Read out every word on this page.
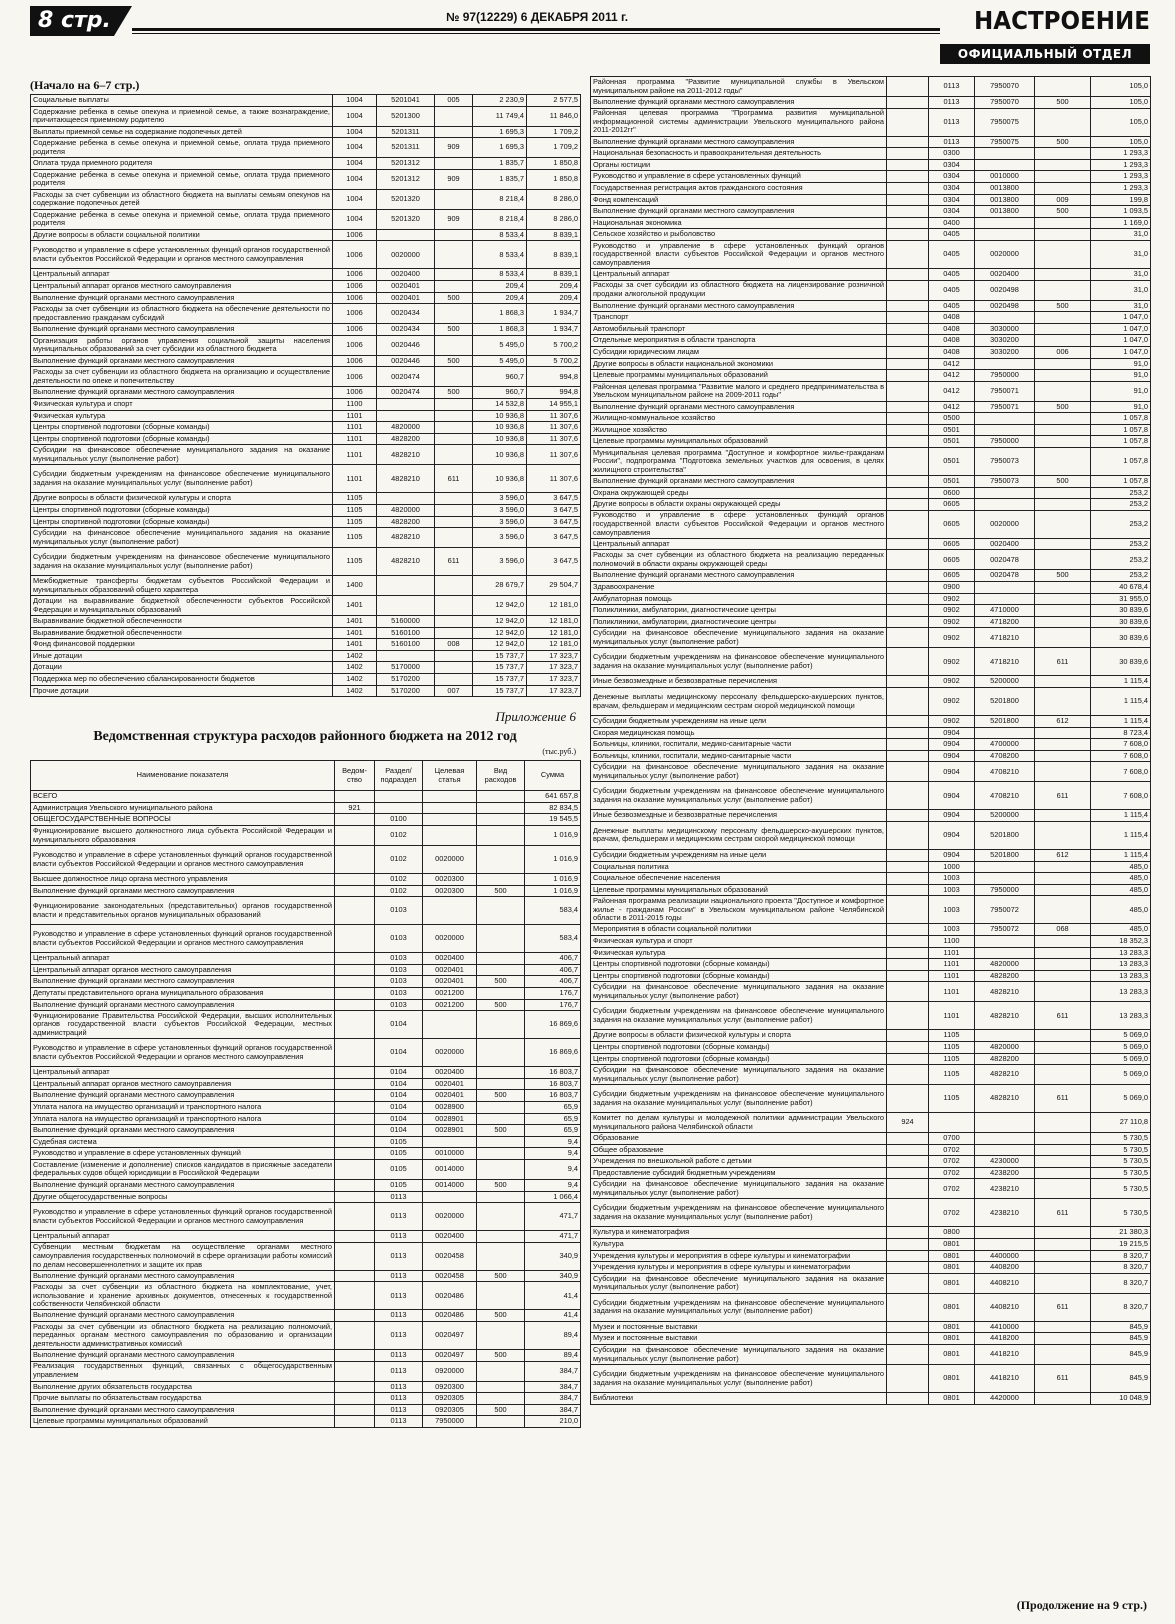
8 стр.	№ 97(12229) 6 ДЕКАБРЯ 2011 г.	НАСТРОЕНИЕ
ОФИЦИАЛЬНЫЙ ОТДЕЛ
(Начало на 6–7 стр.)
Социальные выплаты	1004	5201041	005	2 230,9	2 577,5
Содержание ребенка в семье опекуна и приемной семье, а также вознаграждение, причитающееся приемному родителю	1004	5201300		11 749,4	11 846,0
Выплаты приемной семье на содержание подопечных детей	1004	5201311		1 695,3	1 709,2
Содержание ребенка в семье опекуна и приемной семье, оплата труда приемного родителя	1004	5201311	909	1 695,3	1 709,2
Оплата труда приемного родителя	1004	5201312		1 835,7	1 850,8
Содержание ребенка в семье опекуна и приемной семье, оплата труда приемного родителя	1004	5201312	909	1 835,7	1 850,8
Расходы за счет субвенции из областного бюджета на выплаты семьям опекунов на содержание подопечных детей	1004	5201320		8 218,4	8 286,0
Содержание ребенка в семье опекуна и приемной семье, оплата труда приемного родителя	1004	5201320	909	8 218,4	8 286,0
Другие вопросы в области социальной политики	1006			8 533,4	8 839,1
Руководство и управление в сфере установленных функций органов государственной власти субъектов Российской Федерации и органов местного самоуправления	1006	0020000		8 533,4	8 839,1
Центральный аппарат	1006	0020400		8 533,4	8 839,1
Центральный аппарат органов местного самоуправления	1006	0020401		209,4	209,4
Выполнение функций органами местного самоуправления	1006	0020401	500	209,4	209,4
Расходы за счет субвенции из областного бюджета на обеспечение деятельности по предоставлению гражданам субсидий	1006	0020434		1 868,3	1 934,7
Выполнение функций органами местного самоуправления	1006	0020434	500	1 868,3	1 934,7
Организация работы органов управления социальной защиты населения муниципальных образований за счет субсидии из областного бюджета	1006	0020446		5 495,0	5 700,2
Выполнение функций органами местного самоуправления	1006	0020446	500	5 495,0	5 700,2
Расходы за счет субвенции из областного бюджета на организацию и осуществление деятельности по опеке и попечительству	1006	0020474		960,7	994,8
Выполнение функций органами местного самоуправления	1006	0020474	500	960,7	994,8
Физическая культура и спорт	1100			14 532,8	14 955,1
Физическая культура	1101			10 936,8	11 307,6
Центры спортивной подготовки (сборные команды)	1101	4820000		10 936,8	11 307,6
Центры спортивной подготовки (сборные команды)	1101	4828200		10 936,8	11 307,6
Субсидии на финансовое обеспечение муниципального задания на оказание муниципальных услуг (выполнение работ)	1101	4828210		10 936,8	11 307,6
Субсидии бюджетным учреждениям на финансовое обеспечение муниципального задания на оказание муниципальных услуг (выполнение работ)	1101	4828210	611	10 936,8	11 307,6
Другие вопросы в области физической культуры и спорта	1105			3 596,0	3 647,5
Центры спортивной подготовки (сборные команды)	1105	4820000		3 596,0	3 647,5
Центры спортивной подготовки (сборные команды)	1105	4828200		3 596,0	3 647,5
Субсидии на финансовое обеспечение муниципального задания на оказание муниципальных услуг (выполнение работ)	1105	4828210		3 596,0	3 647,5
Субсидии бюджетным учреждениям на финансовое обеспечение муниципального задания на оказание муниципальных услуг (выполнение работ)	1105	4828210	611	3 596,0	3 647,5
Межбюджетные трансферты бюджетам субъектов Российской Федерации и муниципальных образований общего характера	1400			28 679,7	29 504,7
Дотации на выравнивание бюджетной обеспеченности субъектов Российской Федерации и муниципальных образований	1401			12 942,0	12 181,0
Выравнивание бюджетной обеспеченности	1401	5160000		12 942,0	12 181,0
Выравнивание бюджетной обеспеченности	1401	5160100		12 942,0	12 181,0
Фонд финансовой поддержки	1401	5160100	008	12 942,0	12 181,0
Иные дотации	1402			15 737,7	17 323,7
Дотации	1402	5170000		15 737,7	17 323,7
Поддержка мер по обеспечению сбалансированности бюджетов	1402	5170200		15 737,7	17 323,7
Прочие дотации	1402	5170200	007	15 737,7	17 323,7
Приложение 6
Ведомственная структура расходов районного бюджета на 2012 год
(тыс.руб.)
Наименование показателя	Ведом-ство	Раздел/ подраздел	Целевая статья	Вид расходов	Сумма
ВСЕГО					641 657,8
Администрация Увельского муниципального района	921				82 834,5
ОБЩЕГОСУДАРСТВЕННЫЕ ВОПРОСЫ		0100			19 545,5
Функционирование высшего должностного лица субъекта Российской Федерации и муниципального образования		0102			1 016,9
Руководство и управление в сфере установленных функций органов государственной власти субъектов Российской Федерации и органов местного самоуправления		0102	0020000		1 016,9
Высшее должностное лицо органа местного управления		0102	0020300		1 016,9
Выполнение функций органами местного самоуправления		0102	0020300	500	1 016,9
Функционирование законодательных (представительных) органов государственной власти и представительных органов муниципальных образований		0103			583,4
Руководство и управление в сфере установленных функций органов государственной власти субъектов Российской Федерации и органов местного самоуправления		0103	0020000		583,4
Центральный аппарат		0103	0020400		406,7
Центральный аппарат органов местного самоуправления		0103	0020401		406,7
Выполнение функций органами местного самоуправления		0103	0020401	500	406,7
Депутаты представительного органа муниципального образования		0103	0021200		176,7
Выполнение функций органами местного самоуправления		0103	0021200	500	176,7
Функционирование Правительства Российской Федерации, высших исполнительных органов государственной власти субъектов Российской Федерации, местных администраций		0104			16 869,6
Руководство и управление в сфере установленных функций органов государственной власти субъектов Российской Федерации и органов местного самоуправления		0104	0020000		16 869,6
Центральный аппарат		0104	0020400		16 803,7
Центральный аппарат органов местного самоуправления		0104	0020401		16 803,7
Выполнение функций органами местного самоуправления		0104	0020401	500	16 803,7
Уплата налога на имущество организаций и транспортного налога		0104	0028900		65,9
Уплата налога на имущество организаций и транспортного налога		0104	0028901		65,9
Выполнение функций органами местного самоуправления		0104	0028901	500	65,9
Судебная система		0105			9,4
Руководство и управление в сфере установленных функций		0105	0010000		9,4
Составление (изменение и дополнение) списков кандидатов в присяжные заседатели федеральных судов общей юрисдикции в Российской Федерации		0105	0014000		9,4
Выполнение функций органами местного самоуправления		0105	0014000	500	9,4
Другие общегосударственные вопросы		0113			1 066,4
Руководство и управление в сфере установленных функций органов государственной власти субъектов Российской Федерации и органов местного самоуправления		0113	0020000		471,7
Центральный аппарат		0113	0020400		471,7
Субвенции местным бюджетам на осуществление органами местного самоуправления государственных полномочий в сфере организации работы комиссий по делам несовершеннолетних и защите их прав		0113	0020458		340,9
Выполнение функций органами местного самоуправления		0113	0020458	500	340,9
Расходы за счет субвенции из областного бюджета на комплектование, учет, использование и хранение архивных документов, отнесенных к государственной собственности Челябинской области		0113	0020486		41,4
Выполнение функций органами местного самоуправления		0113	0020486	500	41,4
Расходы за счет субвенции из областного бюджета на реализацию полномочий, переданных органам местного самоуправления по образованию и организации деятельности административных комиссий		0113	0020497		89,4
Выполнение функций органами местного самоуправления		0113	0020497	500	89,4
Реализация государственных функций, связанных с общегосударственным управлением		0113	0920000		384,7
Выполнение других обязательств государства		0113	0920300		384,7
Прочие выплаты по обязательствам государства		0113	0920305		384,7
Выполнение функций органами местного самоуправления		0113	0920305	500	384,7
Целевые программы муниципальных образований		0113	7950000		210,0
Районная программа "Развитие муниципальной службы в Увельском муниципальном районе на 2011-2012 годы"		0113	7950070		105,0
Выполнение функций органами местного самоуправления		0113	7950070	500	105,0
Районная целевая программа "Программа развития муниципальной информационной системы администрации Увельского муниципального района 2011-2012гг"		0113	7950075		105,0
Выполнение функций органами местного самоуправления		0113	7950075	500	105,0
Национальная безопасность и правоохранительная деятельность		0300			1 293,3
Органы юстиции		0304			1 293,3
Руководство и управление в сфере установленных функций		0304	0010000		1 293,3
Государственная регистрация актов гражданского состояния		0304	0013800		1 293,3
Фонд компенсаций		0304	0013800	009	199,8
Выполнение функций органами местного самоуправления		0304	0013800	500	1 093,5
Национальная экономика		0400			1 169,0
Сельское хозяйство и рыболовство		0405			31,0
Руководство и управление в сфере установленных функций органов государственной власти субъектов Российской Федерации и органов местного самоуправления		0405	0020000		31,0
Центральный аппарат		0405	0020400		31,0
Расходы за счет субсидии из областного бюджета на лицензирование розничной продажи алкогольной продукции		0405	0020498		31,0
Выполнение функций органами местного самоуправления		0405	0020498	500	31,0
Транспорт		0408			1 047,0
Автомобильный транспорт		0408	3030000		1 047,0
Отдельные мероприятия в области транспорта		0408	3030200		1 047,0
Субсидии юридическим лицам		0408	3030200	006	1 047,0
Другие вопросы в области национальной экономики		0412			91,0
Целевые программы муниципальных образований		0412	7950000		91,0
Районная целевая программа "Развитие малого и среднего предпринимательства в Увельском муниципальном районе на 2009-2011 годы"		0412	7950071		91,0
Выполнение функций органами местного самоуправления		0412	7950071	500	91,0
Жилищно-коммунальное хозяйство		0500			1 057,8
Жилищное хозяйство		0501			1 057,8
Целевые программы муниципальных образований		0501	7950000		1 057,8
Муниципальная целевая программа "Доступное и комфортное жилье-гражданам России", подпрограмма "Подготовка земельных участков для освоения, в целях жилищного строительства"		0501	7950073		1 057,8
Выполнение функций органами местного самоуправления		0501	7950073	500	1 057,8
Охрана окружающей среды		0600			253,2
Другие вопросы в области охраны окружающей среды		0605			253,2
Руководство и управление в сфере установленных функций органов государственной власти субъектов Российской Федерации и органов местного самоуправления		0605	0020000		253,2
Центральный аппарат		0605	0020400		253,2
Расходы за счет субвенции из областного бюджета на реализацию переданных полномочий в области охраны окружающей среды		0605	0020478		253,2
Выполнение функций органами местного самоуправления		0605	0020478	500	253,2
Здравоохранение		0900			40 678,4
Амбулаторная помощь		0902			31 955,0
Поликлиники, амбулатории, диагностические центры		0902	4710000		30 839,6
Поликлиники, амбулатории, диагностические центры		0902	4718200		30 839,6
Субсидии на финансовое обеспечение муниципального задания на оказание муниципальных услуг (выполнение работ)		0902	4718210		30 839,6
Субсидии бюджетным учреждениям на финансовое обеспечение муниципального задания на оказание муниципальных услуг (выполнение работ)		0902	4718210	611	30 839,6
Иные безвозмездные и безвозвратные перечисления		0902	5200000		1 115,4
Денежные выплаты медицинскому персоналу фельдшерско-акушерских пунктов, врачам, фельдшерам и медицинским сестрам скорой медицинской помощи		0902	5201800		1 115,4
Субсидии бюджетным учреждениям на иные цели		0902	5201800	612	1 115,4
Скорая медицинская помощь		0904			8 723,4
Больницы, клиники, госпитали, медико-санитарные части		0904	4700000		7 608,0
Больницы, клиники, госпитали, медико-санитарные части		0904	4708200		7 608,0
Субсидии на финансовое обеспечение муниципального задания на оказание муниципальных услуг (выполнение работ)		0904	4708210		7 608,0
Субсидии бюджетным учреждениям на финансовое обеспечение муниципального задания на оказание муниципальных услуг (выполнение работ)		0904	4708210	611	7 608,0
Иные безвозмездные и безвозвратные перечисления		0904	5200000		1 115,4
Денежные выплаты медицинскому персоналу фельдшерско-акушерских пунктов, врачам, фельдшерам и медицинским сестрам скорой медицинской помощи		0904	5201800		1 115,4
Субсидии бюджетным учреждениям на иные цели		0904	5201800	612	1 115,4
Социальная политика		1000			485,0
Социальное обеспечение населения		1003			485,0
Целевые программы муниципальных образований		1003	7950000		485,0
Районная программа реализации национального проекта "Доступное и комфортное жилье - гражданам России" в Увельском муниципальном районе Челябинской области в 2011-2015 годы		1003	7950072		485,0
Мероприятия в области социальной политики		1003	7950072	068	485,0
Физическая культура и спорт		1100			18 352,3
Физическая культура		1101			13 283,3
Центры спортивной подготовки (сборные команды)		1101	4820000		13 283,3
Центры спортивной подготовки (сборные команды)		1101	4828200		13 283,3
Субсидии на финансовое обеспечение муниципального задания на оказание муниципальных услуг (выполнение работ)		1101	4828210		13 283,3
Субсидии бюджетным учреждениям на финансовое обеспечение муниципального задания на оказание муниципальных услуг (выполнение работ)		1101	4828210	611	13 283,3
Другие вопросы в области физической культуры и спорта		1105			5 069,0
Центры спортивной подготовки (сборные команды)		1105	4820000		5 069,0
Центры спортивной подготовки (сборные команды)		1105	4828200		5 069,0
Субсидии на финансовое обеспечение муниципального задания на оказание муниципальных услуг (выполнение работ)		1105	4828210		5 069,0
Субсидии бюджетным учреждениям на финансовое обеспечение муниципального задания на оказание муниципальных услуг (выполнение работ)		1105	4828210	611	5 069,0
Комитет по делам культуры и молодежной политики администрации Увельского муниципального района Челябинской области	924				27 110,8
Образование		0700			5 730,5
Общее образование		0702			5 730,5
Учреждения по внешкольной работе с детьми		0702	4230000		5 730,5
Предоставление субсидий бюджетным учреждениям		0702	4238200		5 730,5
Субсидии на финансовое обеспечение муниципального задания на оказание муниципальных услуг (выполнение работ)		0702	4238210		5 730,5
Субсидии бюджетным учреждениям на финансовое обеспечение муниципального задания на оказание муниципальных услуг (выполнение работ)		0702	4238210	611	5 730,5
Культура и кинематография		0800			21 380,3
Культура		0801			19 215,5
Учреждения культуры и мероприятия в сфере культуры и кинематографии		0801	4400000		8 320,7
Учреждения культуры и мероприятия в сфере культуры и кинематографии		0801	4408200		8 320,7
Субсидии на финансовое обеспечение муниципального задания на оказание муниципальных услуг (выполнение работ)		0801	4408210		8 320,7
Субсидии бюджетным учреждениям на финансовое обеспечение муниципального задания на оказание муниципальных услуг (выполнение работ)		0801	4408210	611	8 320,7
Музеи и постоянные выставки		0801	4410000		845,9
Музеи и постоянные выставки		0801	4418200		845,9
Субсидии на финансовое обеспечение муниципального задания на оказание муниципальных услуг (выполнение работ)		0801	4418210		845,9
Субсидии бюджетным учреждениям на финансовое обеспечение муниципального задания на оказание муниципальных услуг (выполнение работ)		0801	4418210	611	845,9
Библиотеки		0801	4420000		10 048,9
(Продолжение на 9 стр.)
